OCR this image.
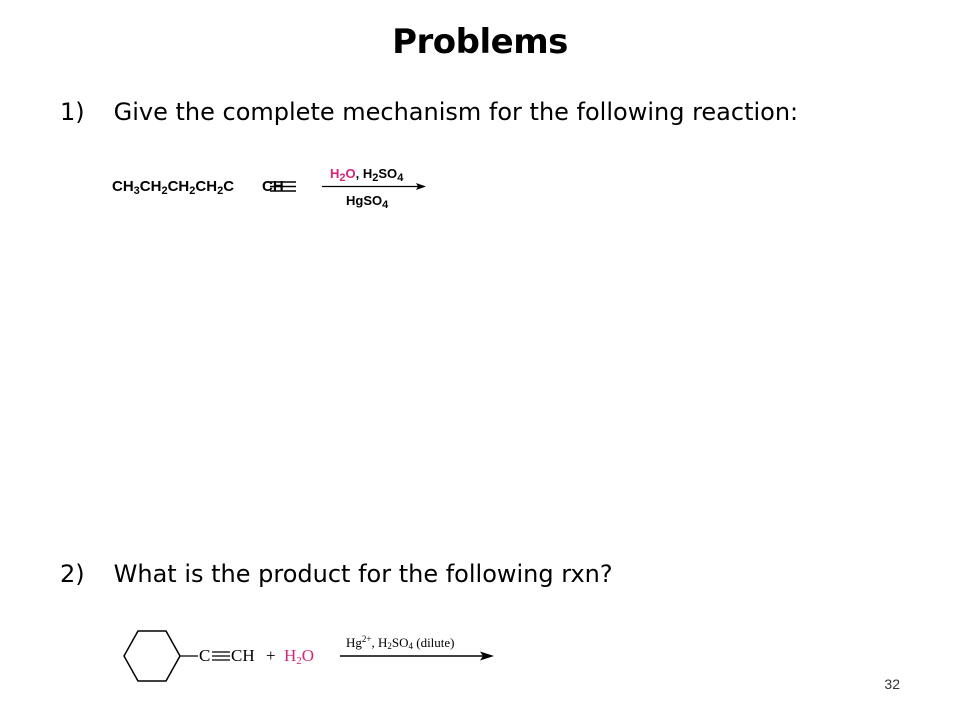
Problems
1) Give the complete mechanism for the following reaction:
$CH_3CH_2CH_2CH_2C$ CH
$H_2O$, $H_2SO_4$
HgSO$_4$
2) What is the product for the following rxn?
C CH + $H_2O$
$Hg^{2+}$, $H_2SO_4$ (dilute)
32
